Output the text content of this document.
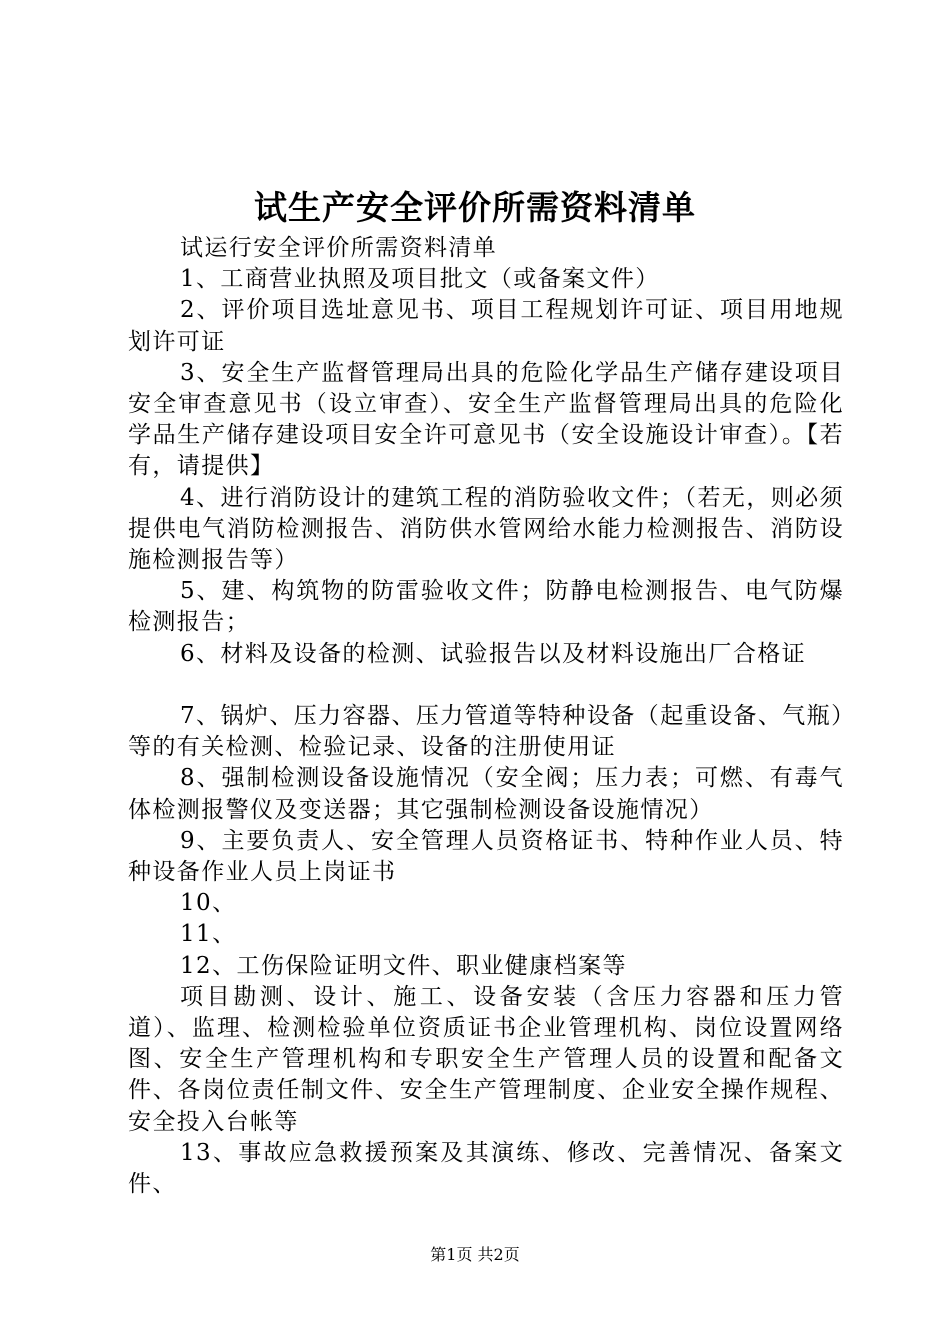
试生产安全评价所需资料清单

试运行安全评价所需资料清单

1、工商营业执照及项目批文（或备案文件）

2、评价项目选址意见书、项目工程规划许可证、项目用地规划许可证

3、安全生产监督管理局出具的危险化学品生产储存建设项目安全审查意见书（设立审查）、安全生产监督管理局出具的危险化学品生产储存建设项目安全许可意见书（安全设施设计审查）。【若有，请提供】

4、进行消防设计的建筑工程的消防验收文件；（若无，则必须提供电气消防检测报告、消防供水管网给水能力检测报告、消防设施检测报告等）

5、建、构筑物的防雷验收文件；防静电检测报告、电气防爆检测报告；

6、材料及设备的检测、试验报告以及材料设施出厂合格证

7、锅炉、压力容器、压力管道等特种设备（起重设备、气瓶）等的有关检测、检验记录、设备的注册使用证

8、强制检测设备设施情况（安全阀；压力表；可燃、有毒气体检测报警仪及变送器；其它强制检测设备设施情况）

9、主要负责人、安全管理人员资格证书、特种作业人员、特种设备作业人员上岗证书

10、

11、

12、工伤保险证明文件、职业健康档案等

项目勘测、设计、施工、设备安装（含压力容器和压力管道）、监理、检测检验单位资质证书企业管理机构、岗位设置网络图、安全生产管理机构和专职安全生产管理人员的设置和配备文件、各岗位责任制文件、安全生产管理制度、企业安全操作规程、安全投入台帐等

13、事故应急救援预案及其演练、修改、完善情况、备案文件、

第1页 共2页
